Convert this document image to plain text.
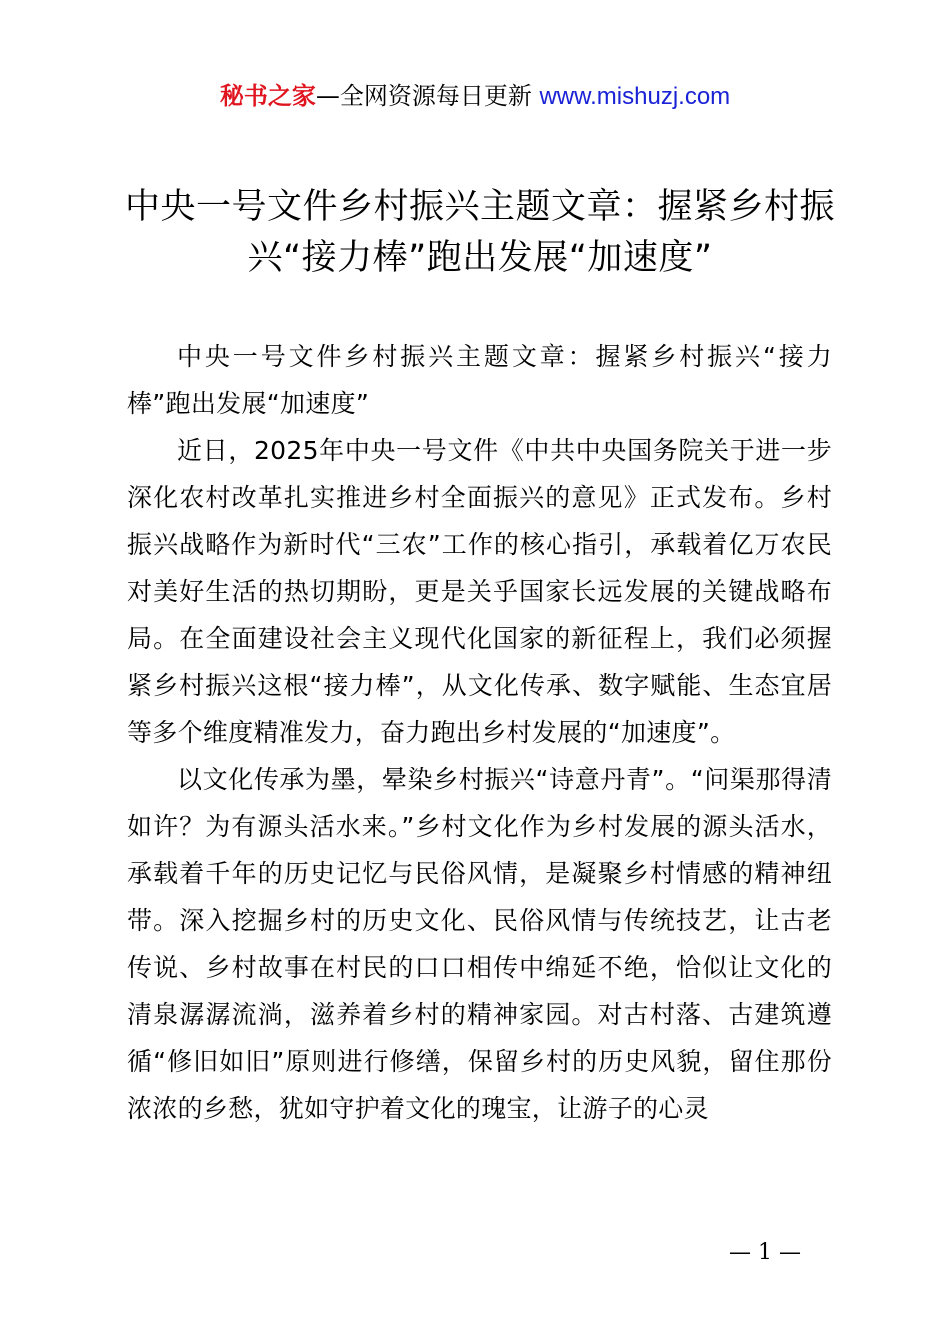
秘书之家—全网资源每日更新 www.mishuzj.com
中央一号文件乡村振兴主题文章：握紧乡村振兴“接力棒”跑出发展“加速度”

中央一号文件乡村振兴主题文章：握紧乡村振兴“接力棒”跑出发展“加速度”

近日，2025年中央一号文件《中共中央国务院关于进一步深化农村改革扎实推进乡村全面振兴的意见》正式发布。乡村振兴战略作为新时代“三农”工作的核心指引，承载着亿万农民对美好生活的热切期盼，更是关乎国家长远发展的关键战略布局。在全面建设社会主义现代化国家的新征程上，我们必须握紧乡村振兴这根“接力棒”，从文化传承、数字赋能、生态宜居等多个维度精准发力，奋力跑出乡村发展的“加速度”。

以文化传承为墨，晕染乡村振兴“诗意丹青”。“问渠那得清如许？为有源头活水来。”乡村文化作为乡村发展的源头活水，承载着千年的历史记忆与民俗风情，是凝聚乡村情感的精神纽带。深入挖掘乡村的历史文化、民俗风情与传统技艺，让古老传说、乡村故事在村民的口口相传中绵延不绝，恰似让文化的清泉潺潺流淌，滋养着乡村的精神家园。对古村落、古建筑遵循“修旧如旧”原则进行修缮，保留乡村的历史风貌，留住那份浓浓的乡愁，犹如守护着文化的瑰宝，让游子的心灵

— 1 —
